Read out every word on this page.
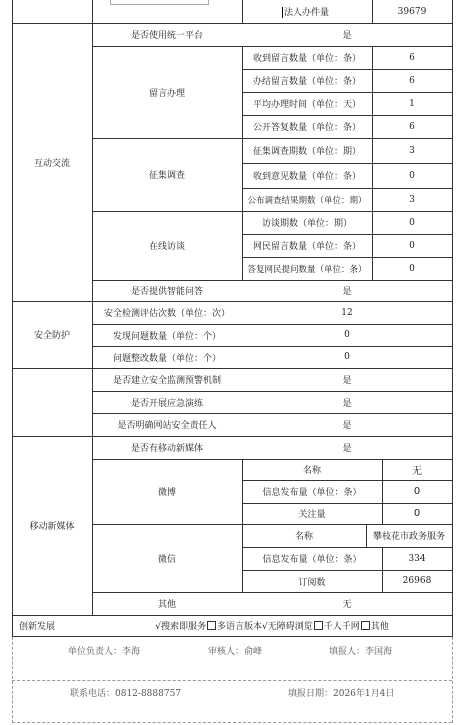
法人办件量	39679
互动交流
是否使用统一平台	是
留言办理
收到留言数量（单位：条）	6
办结留言数量（单位：条）	6
平均办理时间（单位：天）	1
公开答复数量（单位：条）	6
征集调查
征集调查期数（单位：期）	3
收到意见数量（单位：条）	0
公布调查结果期数（单位：期）	3
在线访谈
访谈期数（单位：期）	0
网民留言数量（单位：条）	0
答复网民提问数量（单位：条）	0
是否提供智能问答	是
安全防护
安全检测评估次数（单位：次）	12
发现问题数量（单位：个）	0
问题整改数量（单位：个）	0
是否建立安全监测预警机制	是
是否开展应急演练	是
是否明确网站安全责任人	是
移动新媒体
是否有移动新媒体	是
微博
名称	无
信息发布量（单位：条）	0
关注量	0
微信
名称	攀枝花市政务服务
信息发布量（单位：条）	334
订阅数	26968
其他	无
创新发展	√搜索即服务	多语言版本 √无障碍浏览	千人千网	其他
单位负责人：李海	审核人：俞峰	填报人：李国海
联系电话：0812-8888757	填报日期：2026年1月4日
